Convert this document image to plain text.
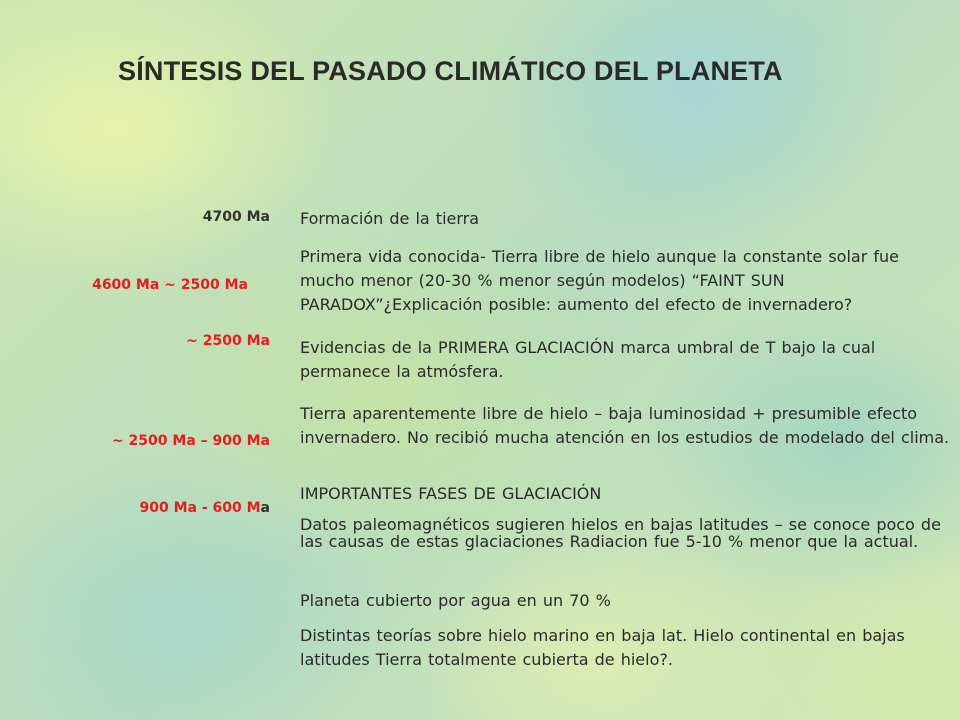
SÍNTESIS DEL PASADO CLIMÁTICO DEL PLANETA
4700 Ma
4600 Ma ~ 2500 Ma
~ 2500 Ma
~ 2500 Ma – 900 Ma
900 Ma - 600 Ma
Formación de la tierra
Primera vida conocida- Tierra libre de hielo aunque la constante solar fue mucho menor (20-30 % menor según modelos) “FAINT SUN PARADOX”¿Explicación posible: aumento del efecto de invernadero?
Evidencias de la PRIMERA GLACIACIÓN marca umbral de T bajo la cual permanece la atmósfera.
Tierra aparentemente libre de hielo – baja luminosidad + presumible efecto invernadero. No recibió mucha atención en los estudios de modelado del clima.
IMPORTANTES FASES DE GLACIACIÓN
Datos paleomagnéticos sugieren hielos en bajas latitudes – se conoce poco de las causas de estas glaciaciones Radiacion fue 5-10 % menor que la actual.
Planeta cubierto por agua en un 70 %
Distintas teorías sobre hielo marino en baja lat. Hielo continental en bajas latitudes Tierra totalmente cubierta de hielo?.
